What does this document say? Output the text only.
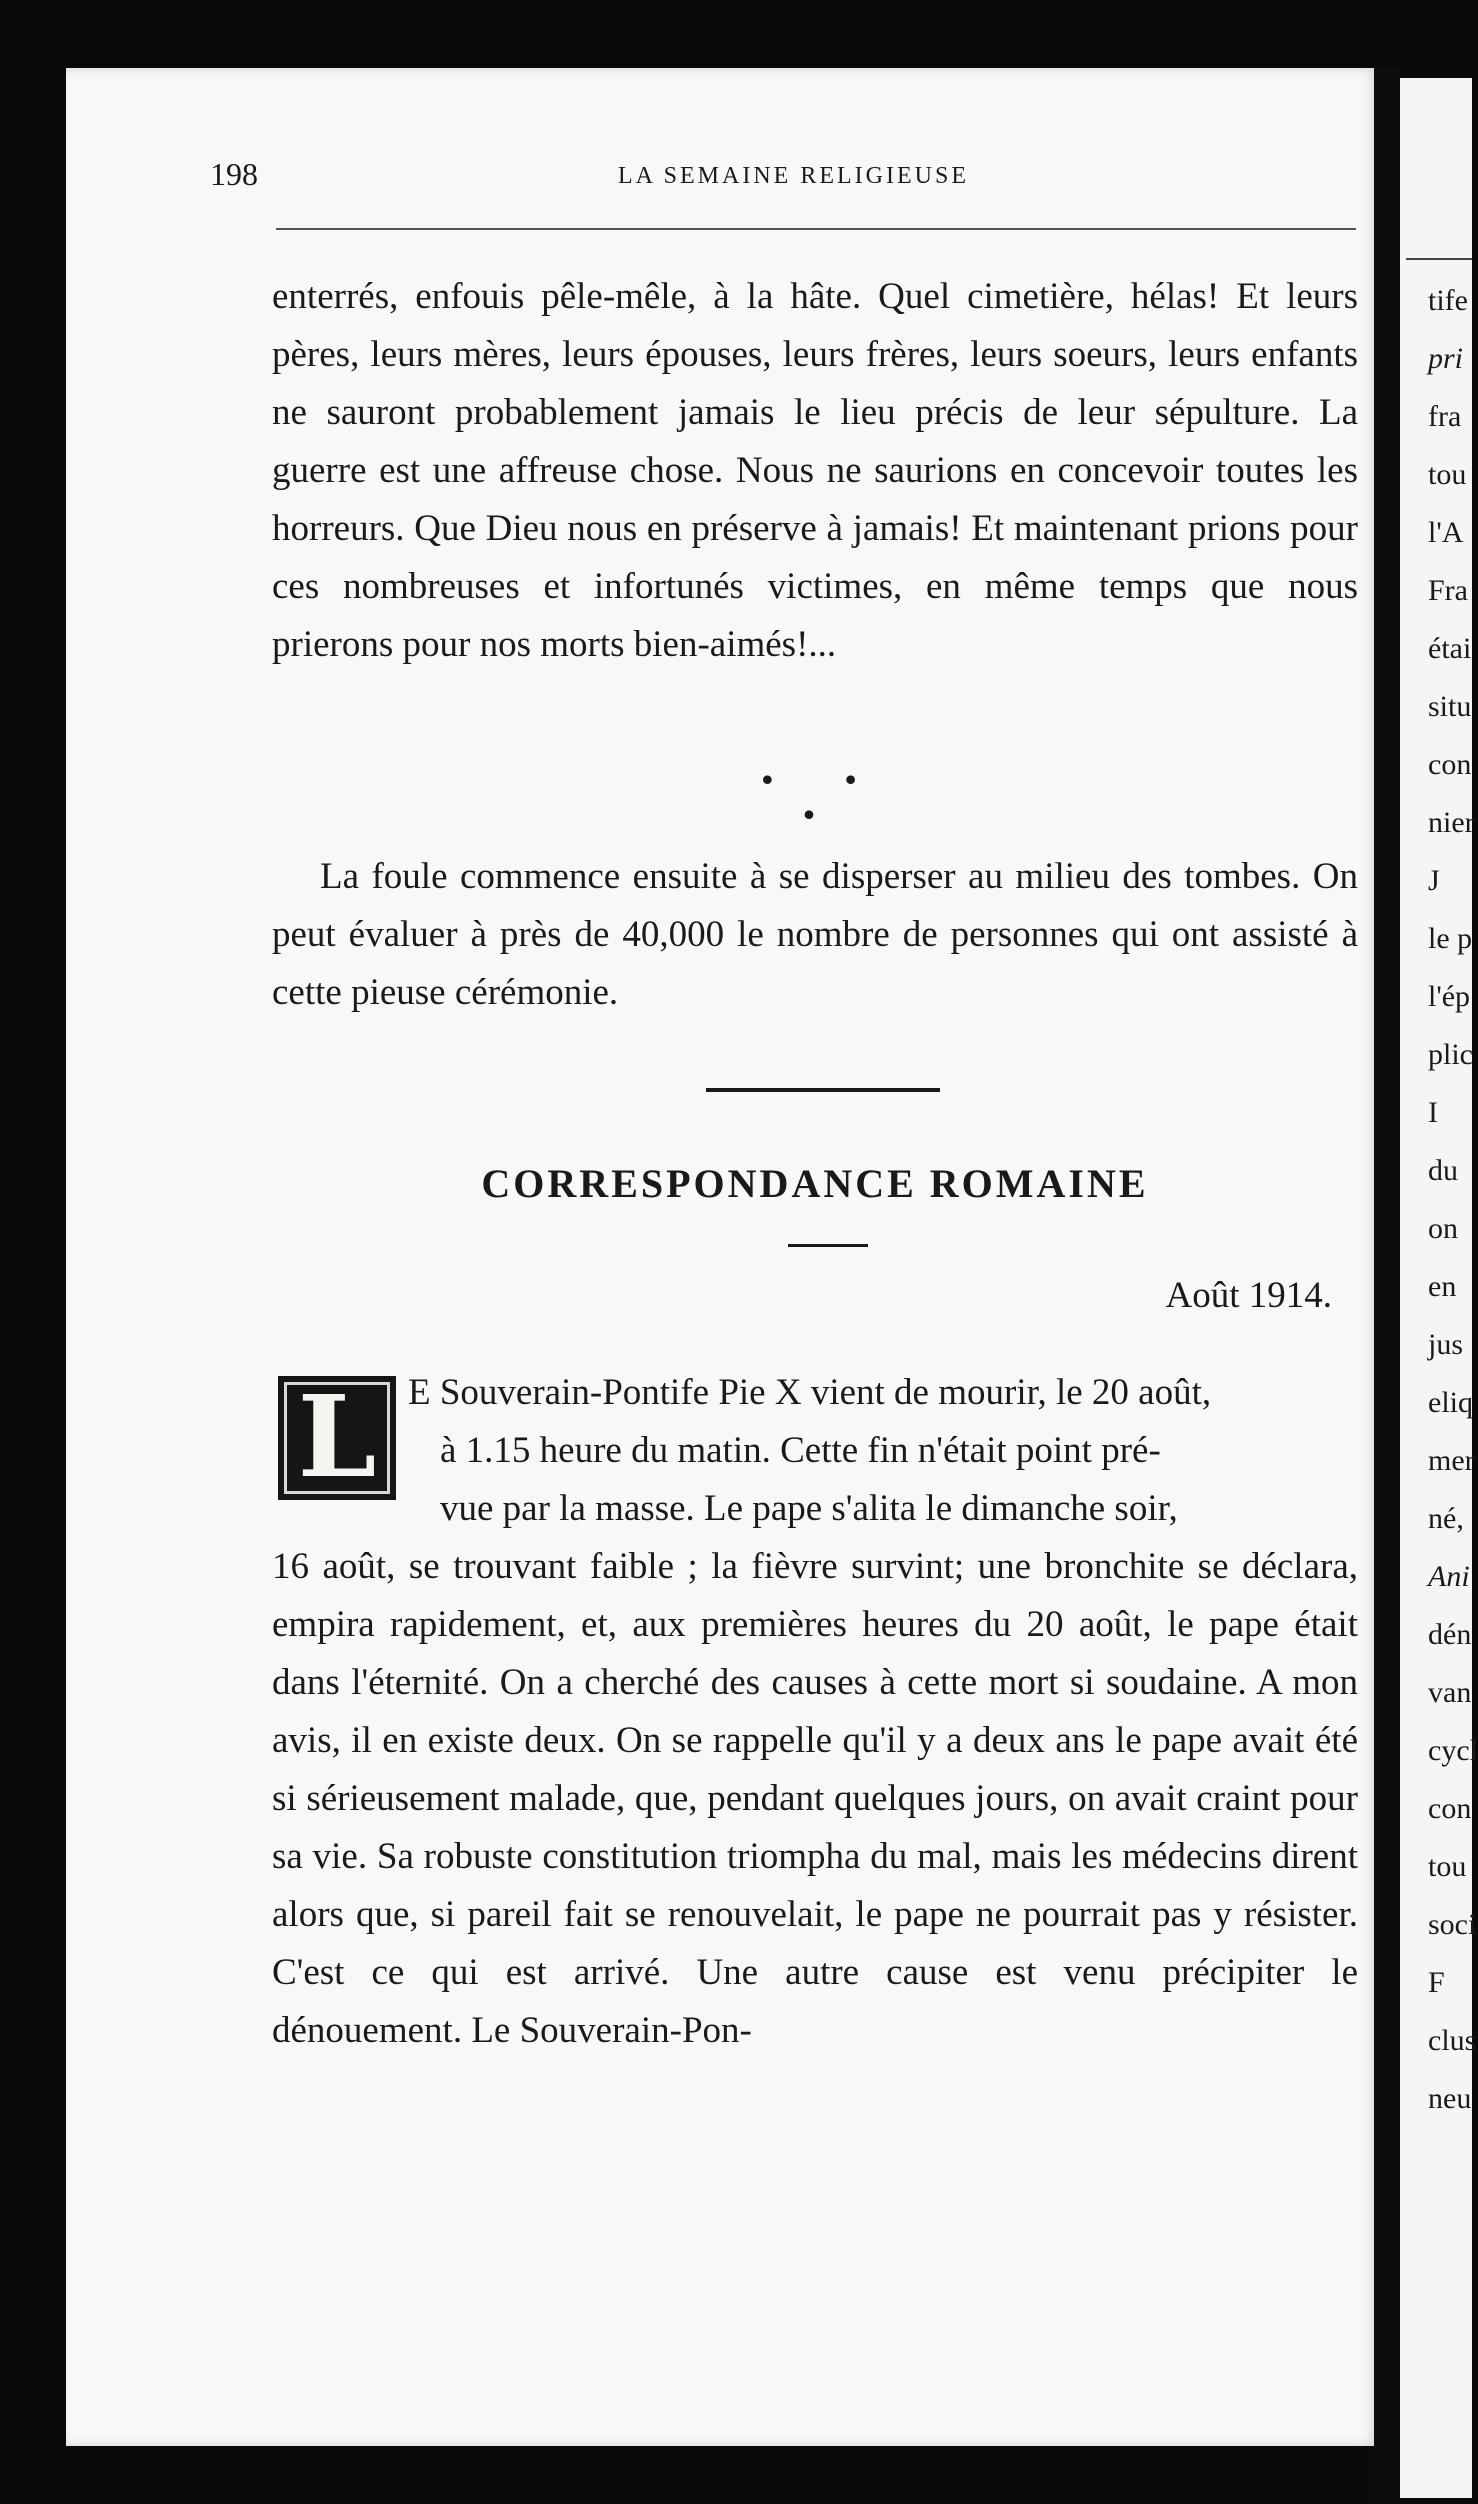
tife
pri
fra
tou
l'A
Fra
étai
situ
con
nier
J
le p
l'ép
plic
I
du
on
en
jus
eliq
mer
né,
Ani
dén
van
cycl
con
tou
soci
F
clus
neu
198	LA SEMAINE RELIGIEUSE

enterrés, enfouis pêle-mêle, à la hâte. Quel cimetière, hélas! Et leurs pères, leurs mères, leurs épouses, leurs frères, leurs soeurs, leurs enfants ne sauront probablement jamais le lieu précis de leur sépulture. La guerre est une affreuse chose. Nous ne saurions en concevoir toutes les horreurs. Que Dieu nous en préserve à jamais! Et maintenant prions pour ces nombreuses et infortunés victimes, en même temps que nous prierons pour nos morts bien-aimés!...

• • •

La foule commence ensuite à se disperser au milieu des tombes. On peut évaluer à près de 40,000 le nombre de personnes qui ont assisté à cette pieuse cérémonie.

CORRESPONDANCE ROMAINE
Août 1914.
L E Souverain-Pontife Pie X vient de mourir, le 20 août,

à 1.15 heure du matin. Cette fin n'était point pré-

vue par la masse. Le pape s'alita le dimanche soir,

16 août, se trouvant faible ; la fièvre survint; une bronchite se déclara, empira rapidement, et, aux premières heures du 20 août, le pape était dans l'éternité. On a cherché des causes à cette mort si soudaine. A mon avis, il en existe deux. On se rappelle qu'il y a deux ans le pape avait été si sérieusement malade, que, pendant quelques jours, on avait craint pour sa vie. Sa robuste constitution triompha du mal, mais les médecins dirent alors que, si pareil fait se renouvelait, le pape ne pourrait pas y résister. C'est ce qui est arrivé. Une autre cause est venu précipiter le dénouement. Le Souverain-Pon-
